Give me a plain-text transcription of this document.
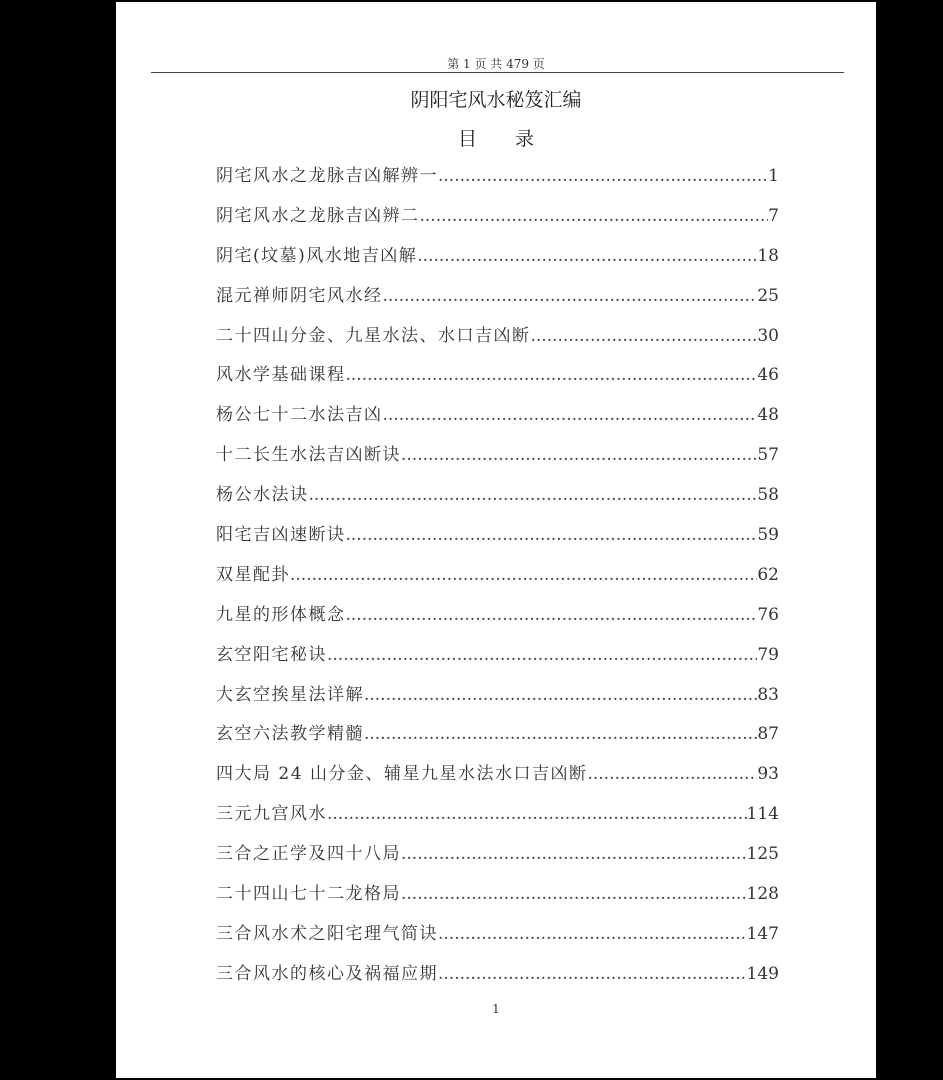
第 1 页 共 479 页
阴阳宅风水秘笈汇编
目　　录
阴宅风水之龙脉吉凶解辨一 .....	1
阴宅风水之龙脉吉凶辨二 .....	7
阴宅(坟墓)风水地吉凶解 .....	18
混元禅师阴宅风水经 .....	25
二十四山分金、九星水法、水口吉凶断 .....	30
风水学基础课程 .....	46
杨公七十二水法吉凶 .....	48
十二长生水法吉凶断诀 .....	57
杨公水法诀 .....	58
阳宅吉凶速断诀 .....	59
双星配卦 .....	62
九星的形体概念 .....	76
玄空阳宅秘诀 .....	79
大玄空挨星法详解 .....	83
玄空六法教学精髓 .....	87
四大局 24 山分金、辅星九星水法水口吉凶断 .....	93
三元九宫风水 .....	114
三合之正学及四十八局 .....	125
二十四山七十二龙格局 .....	128
三合风水术之阳宅理气简诀 .....	147
三合风水的核心及祸福应期 .....	149
1
